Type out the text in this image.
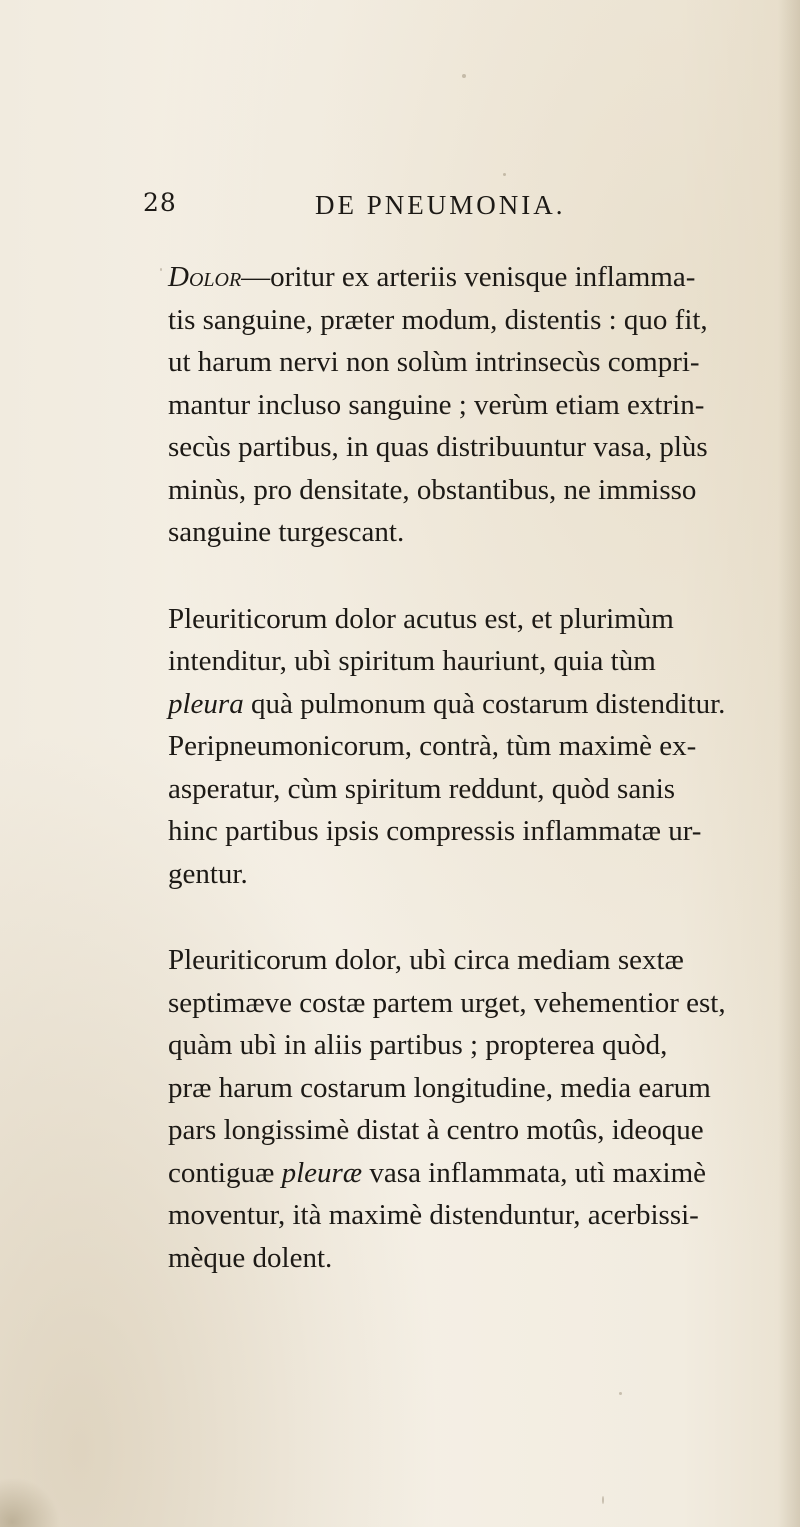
28	DE PNEUMONIA.

Dolor—oritur ex arteriis venisque inflamma-
tis sanguine, præter modum, distentis : quo fit,
ut harum nervi non solùm intrinsecùs compri-
mantur incluso sanguine ; verùm etiam extrin-
secùs partibus, in quas distribuuntur vasa, plùs
minùs, pro densitate, obstantibus, ne immisso
sanguine turgescant.

Pleuriticorum dolor acutus est, et plurimùm
intenditur, ubì spiritum hauriunt, quia tùm
pleura quà pulmonum quà costarum distenditur.
Peripneumonicorum, contrà, tùm maximè ex-
asperatur, cùm spiritum reddunt, quòd sanis
hinc partibus ipsis compressis inflammatæ ur-
gentur.

Pleuriticorum dolor, ubì circa mediam sextæ
septimæve costæ partem urget, vehementior est,
quàm ubì in aliis partibus ; propterea quòd,
præ harum costarum longitudine, media earum
pars longissimè distat à centro motûs, ideoque
contiguæ pleuræ vasa inflammata, utì maximè
moventur, ità maximè distenduntur, acerbissi-
mèque dolent.
